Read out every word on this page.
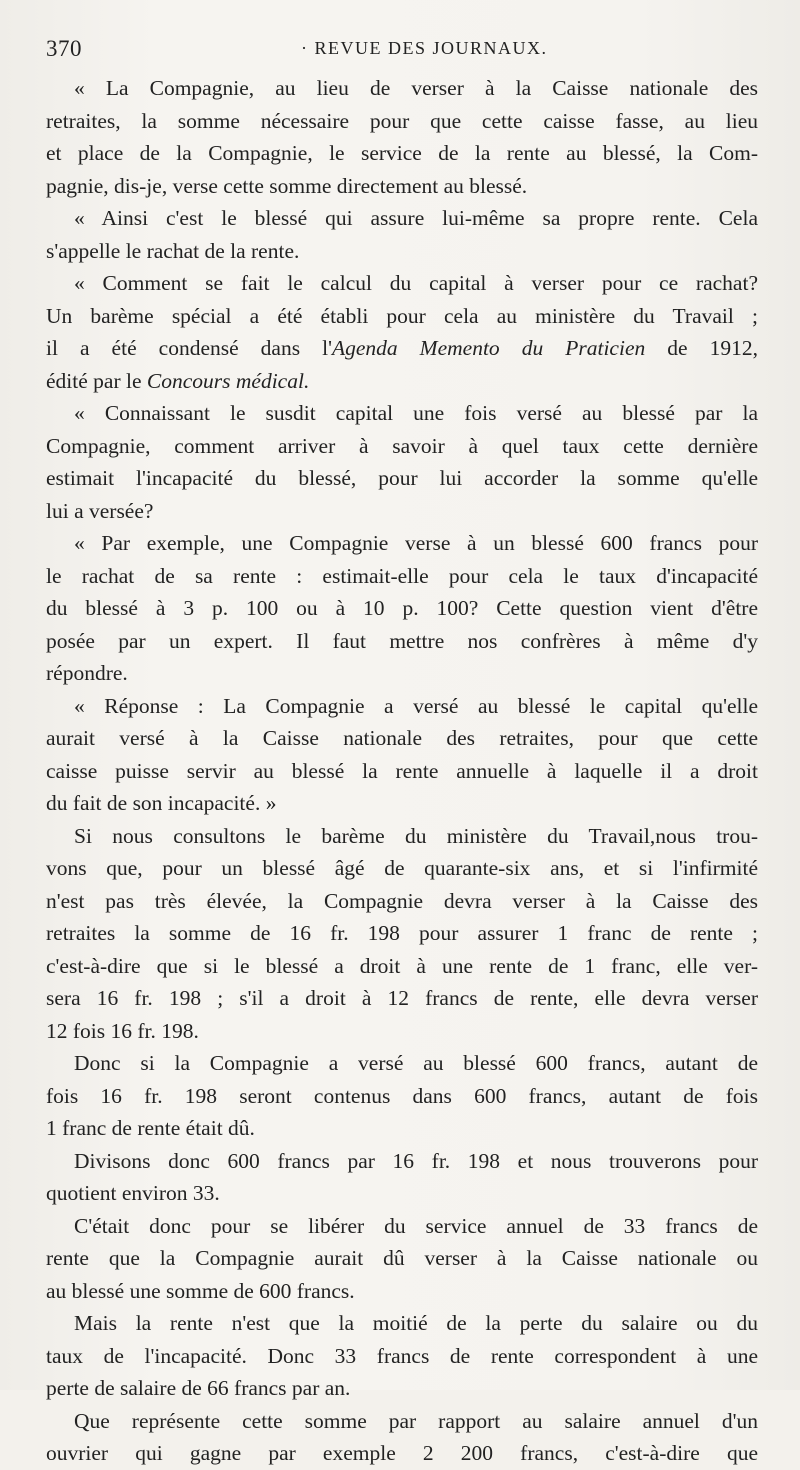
370	· REVUE DES JOURNAUX.
« La Compagnie, au lieu de verser à la Caisse nationale des
retraites, la somme nécessaire pour que cette caisse fasse, au lieu
et place de la Compagnie, le service de la rente au blessé, la Com-
pagnie, dis-je, verse cette somme directement au blessé.
« Ainsi c'est le blessé qui assure lui-même sa propre rente. Cela
s'appelle le rachat de la rente.
« Comment se fait le calcul du capital à verser pour ce rachat?
Un barème spécial a été établi pour cela au ministère du Travail ;
il a été condensé dans l'Agenda Memento du Praticien de 1912,
édité par le Concours médical.
« Connaissant le susdit capital une fois versé au blessé par la
Compagnie, comment arriver à savoir à quel taux cette dernière
estimait l'incapacité du blessé, pour lui accorder la somme qu'elle
lui a versée?
« Par exemple, une Compagnie verse à un blessé 600 francs pour
le rachat de sa rente : estimait-elle pour cela le taux d'incapacité
du blessé à 3 p. 100 ou à 10 p. 100? Cette question vient d'être
posée par un expert. Il faut mettre nos confrères à même d'y
répondre.
« Réponse : La Compagnie a versé au blessé le capital qu'elle
aurait versé à la Caisse nationale des retraites, pour que cette
caisse puisse servir au blessé la rente annuelle à laquelle il a droit
du fait de son incapacité. »
Si nous consultons le barème du ministère du Travail,nous trou-
vons que, pour un blessé âgé de quarante-six ans, et si l'infirmité
n'est pas très élevée, la Compagnie devra verser à la Caisse des
retraites la somme de 16 fr. 198 pour assurer 1 franc de rente ;
c'est-à-dire que si le blessé a droit à une rente de 1 franc, elle ver-
sera 16 fr. 198 ; s'il a droit à 12 francs de rente, elle devra verser
12 fois 16 fr. 198.
Donc si la Compagnie a versé au blessé 600 francs, autant de
fois 16 fr. 198 seront contenus dans 600 francs, autant de fois
1 franc de rente était dû.
Divisons donc 600 francs par 16 fr. 198 et nous trouverons pour
quotient environ 33.
C'était donc pour se libérer du service annuel de 33 francs de
rente que la Compagnie aurait dû verser à la Caisse nationale ou
au blessé une somme de 600 francs.
Mais la rente n'est que la moitié de la perte du salaire ou du
taux de l'incapacité. Donc 33 francs de rente correspondent à une
perte de salaire de 66 francs par an.
Que représente cette somme par rapport au salaire annuel d'un
ouvrier qui gagne par exemple 2 200 francs, c'est-à-dire que
